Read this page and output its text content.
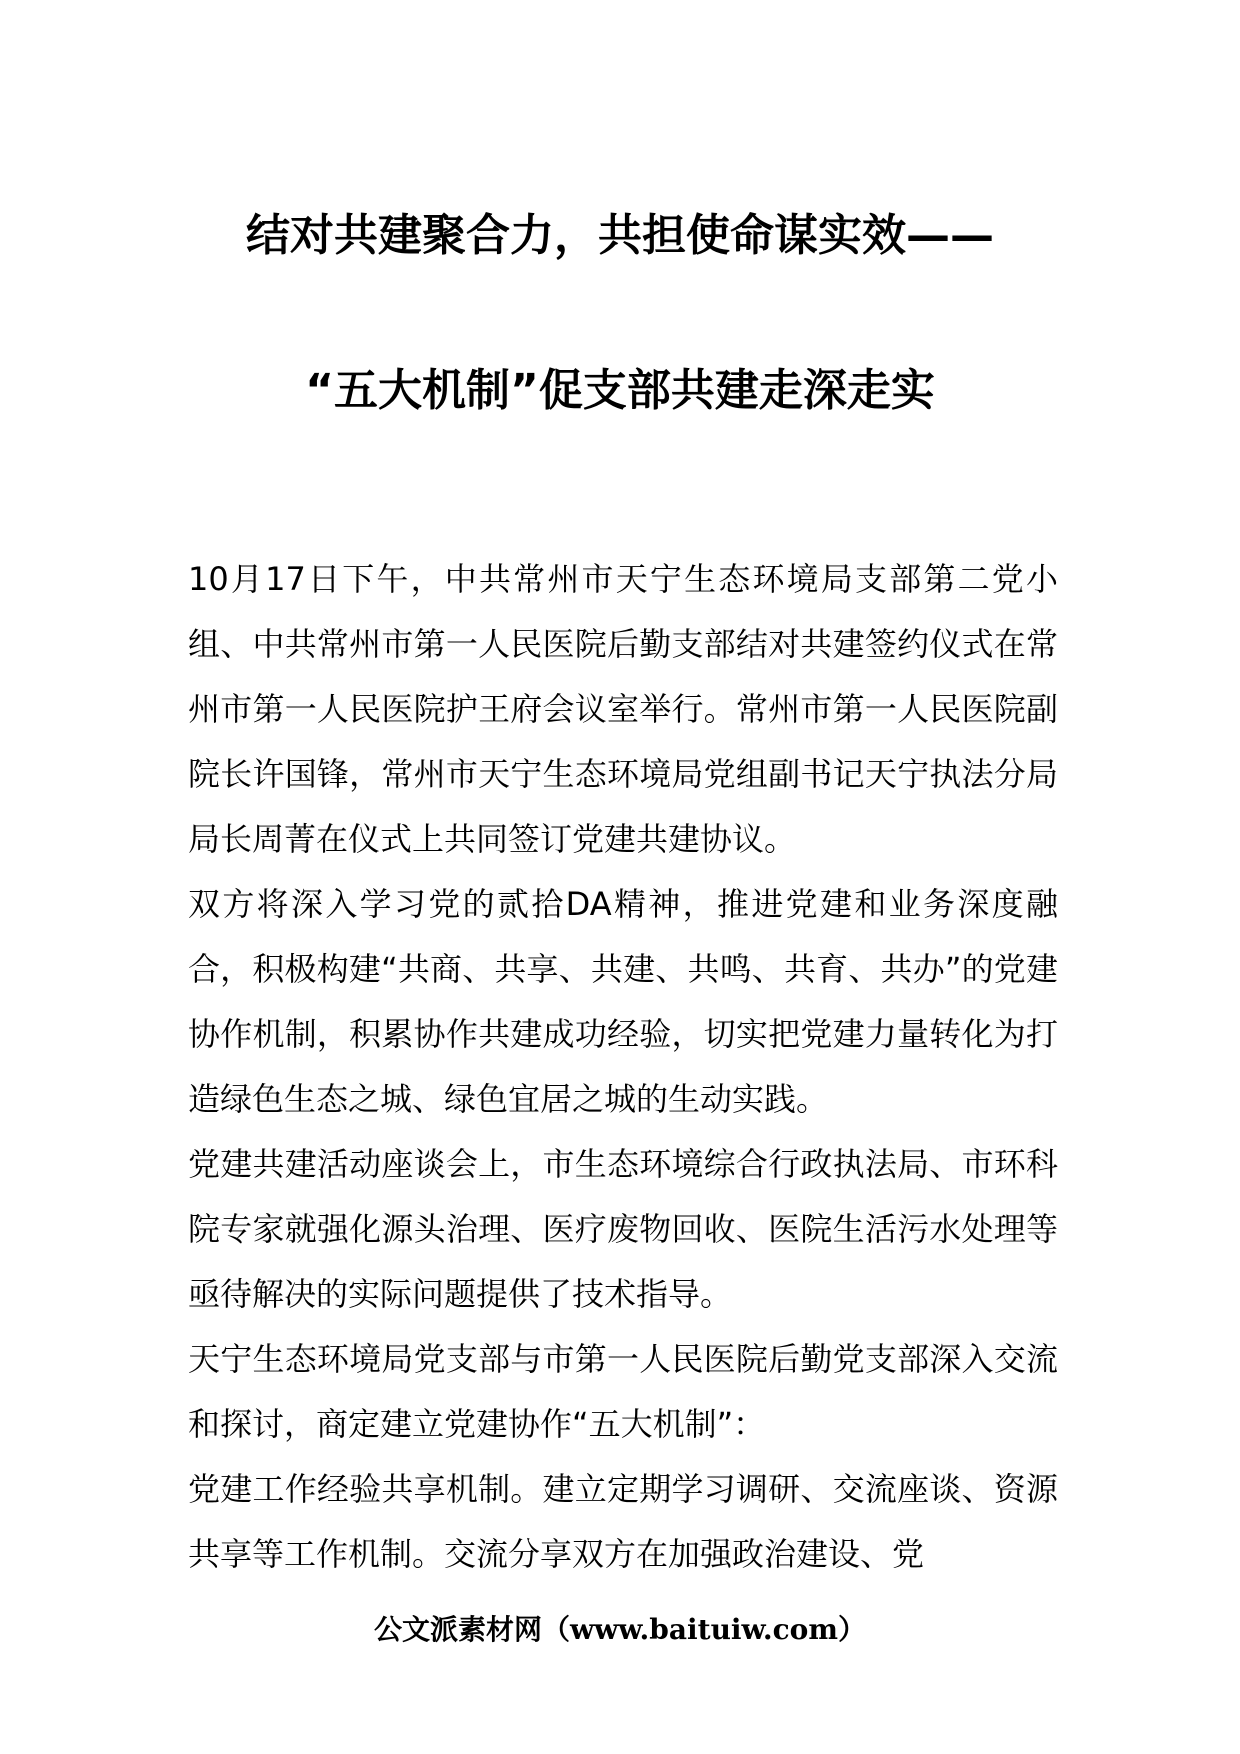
结对共建聚合力，共担使命谋实效——
“五大机制”促支部共建走深走实

10月17日下午，中共常州市天宁生态环境局支部第二党小组、中共常州市第一人民医院后勤支部结对共建签约仪式在常州市第一人民医院护王府会议室举行。常州市第一人民医院副院长许国锋，常州市天宁生态环境局党组副书记天宁执法分局局长周菁在仪式上共同签订党建共建协议。

双方将深入学习党的贰拾DA精神，推进党建和业务深度融合，积极构建“共商、共享、共建、共鸣、共育、共办”的党建协作机制，积累协作共建成功经验，切实把党建力量转化为打造绿色生态之城、绿色宜居之城的生动实践。

党建共建活动座谈会上，市生态环境综合行政执法局、市环科院专家就强化源头治理、医疗废物回收、医院生活污水处理等亟待解决的实际问题提供了技术指导。

天宁生态环境局党支部与市第一人民医院后勤党支部深入交流和探讨，商定建立党建协作“五大机制”：

党建工作经验共享机制。建立定期学习调研、交流座谈、资源共享等工作机制。交流分享双方在加强政治建设、党

公文派素材网（www.baituiw.com）
